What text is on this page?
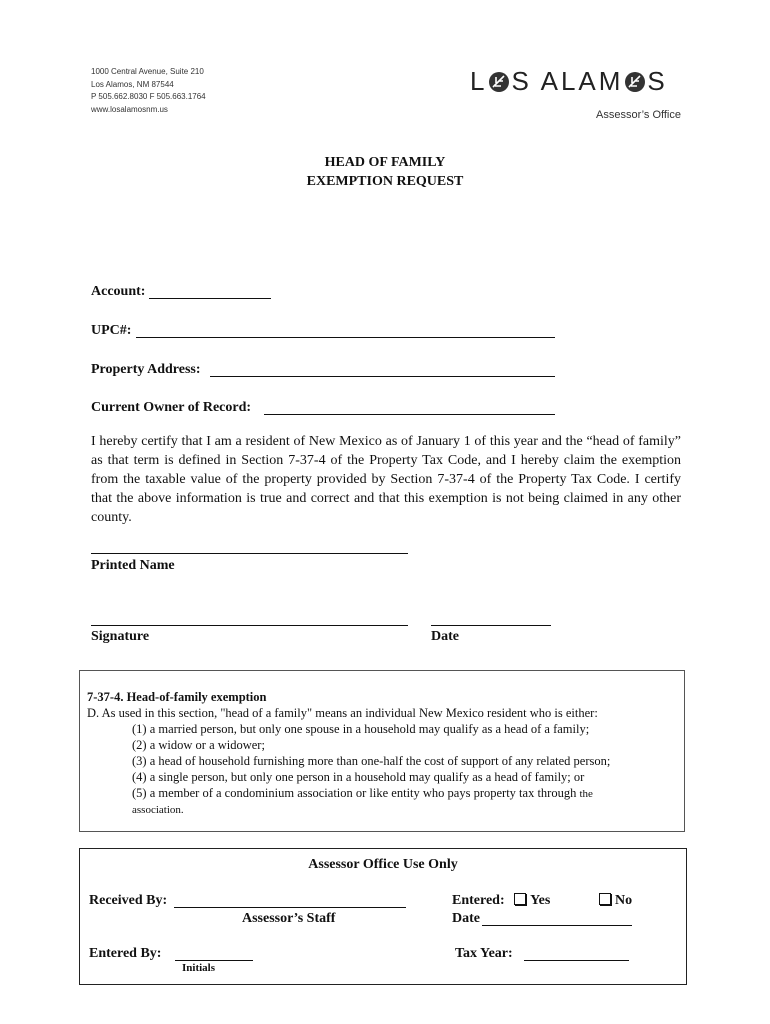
1000 Central Avenue, Suite 210
Los Alamos, NM 87544
P 505.662.8030 F 505.663.1764
www.losalamosnm.us
L S ALAM S
Assessor’s Office
HEAD OF FAMILY
EXEMPTION REQUEST
Account:
UPC#:
Property Address:
Current Owner of Record:
I hereby certify that I am a resident of New Mexico as of January 1 of this year and the “head of family” as that term is defined in Section 7-37-4 of the Property Tax Code, and I hereby claim the exemption from the taxable value of the property provided by Section 7-37-4 of the Property Tax Code. I certify that the above information is true and correct and that this exemption is not being claimed in any other county.
Printed Name
Signature	Date
7-37-4. Head-of-family exemption
D. As used in this section, "head of a family" means an individual New Mexico resident who is either:
(1) a married person, but only one spouse in a household may qualify as a head of a family;
(2) a widow or a widower;
(3) a head of household furnishing more than one-half the cost of support of any related person;
(4) a single person, but only one person in a household may qualify as a head of family; or
(5) a member of a condominium association or like entity who pays property tax through the
association.
Assessor Office Use Only
Received By:
Assessor’s Staff
Entered: Yes	No
Date
Entered By:
Initials
Tax Year:
